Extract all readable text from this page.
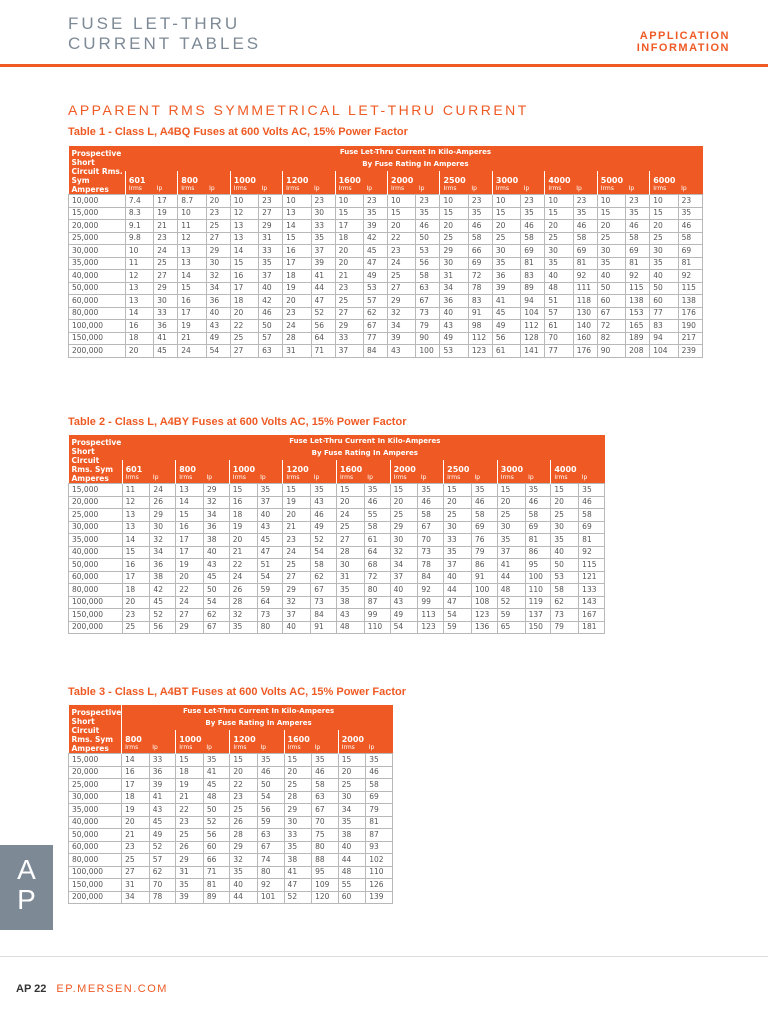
FUSE LET-THRU
CURRENT TABLES	APPLICATION
INFORMATION
APPARENT RMS SYMMETRICAL LET-THRU CURRENT
Table 1 - Class L, A4BQ Fuses at 600 Volts AC, 15% Power Factor
Prospective Short Circuit Rms. Sym Amperes	Fuse Let-Thru Current In Kilo-Amperes																					
	By Fuse Rating In Amperes																					
	601		800		1000		1200		1600		2000		2500		3000		4000		5000		6000	
	Irms	Ip	Irms	Ip	Irms	Ip	Irms	Ip	Irms	Ip	Irms	Ip	Irms	Ip	Irms	Ip	Irms	Ip	Irms	Ip	Irms	Ip
10,000	7.4	17	8.7	20	10	23	10	23	10	23	10	23	10	23	10	23	10	23	10	23	10	23
15,000	8.3	19	10	23	12	27	13	30	15	35	15	35	15	35	15	35	15	35	15	35	15	35
20,000	9.1	21	11	25	13	29	14	33	17	39	20	46	20	46	20	46	20	46	20	46	20	46
25,000	9.8	23	12	27	13	31	15	35	18	42	22	50	25	58	25	58	25	58	25	58	25	58
30,000	10	24	13	29	14	33	16	37	20	45	23	53	29	66	30	69	30	69	30	69	30	69
35,000	11	25	13	30	15	35	17	39	20	47	24	56	30	69	35	81	35	81	35	81	35	81
40,000	12	27	14	32	16	37	18	41	21	49	25	58	31	72	36	83	40	92	40	92	40	92
50,000	13	29	15	34	17	40	19	44	23	53	27	63	34	78	39	89	48	111	50	115	50	115
60,000	13	30	16	36	18	42	20	47	25	57	29	67	36	83	41	94	51	118	60	138	60	138
80,000	14	33	17	40	20	46	23	52	27	62	32	73	40	91	45	104	57	130	67	153	77	176
100,000	16	36	19	43	22	50	24	56	29	67	34	79	43	98	49	112	61	140	72	165	83	190
150,000	18	41	21	49	25	57	28	64	33	77	39	90	49	112	56	128	70	160	82	189	94	217
200,000	20	45	24	54	27	63	31	71	37	84	43	100	53	123	61	141	77	176	90	208	104	239
Table 2 - Class L, A4BY Fuses at 600 Volts AC, 15% Power Factor
Prospective Short Circuit Rms. Sym Amperes	Fuse Let-Thru Current In Kilo-Amperes																	
	By Fuse Rating In Amperes																	
	601		800		1000		1200		1600		2000		2500		3000		4000	
	Irms	Ip	Irms	Ip	Irms	Ip	Irms	Ip	Irms	Ip	Irms	Ip	Irms	Ip	Irms	Ip	Irms	Ip
15,000	11	24	13	29	15	35	15	35	15	35	15	35	15	35	15	35	15	35
20,000	12	26	14	32	16	37	19	43	20	46	20	46	20	46	20	46	20	46
25,000	13	29	15	34	18	40	20	46	24	55	25	58	25	58	25	58	25	58
30,000	13	30	16	36	19	43	21	49	25	58	29	67	30	69	30	69	30	69
35,000	14	32	17	38	20	45	23	52	27	61	30	70	33	76	35	81	35	81
40,000	15	34	17	40	21	47	24	54	28	64	32	73	35	79	37	86	40	92
50,000	16	36	19	43	22	51	25	58	30	68	34	78	37	86	41	95	50	115
60,000	17	38	20	45	24	54	27	62	31	72	37	84	40	91	44	100	53	121
80,000	18	42	22	50	26	59	29	67	35	80	40	92	44	100	48	110	58	133
100,000	20	45	24	54	28	64	32	73	38	87	43	99	47	108	52	119	62	143
150,000	23	52	27	62	32	73	37	84	43	99	49	113	54	123	59	137	73	167
200,000	25	56	29	67	35	80	40	91	48	110	54	123	59	136	65	150	79	181
Table 3 - Class L, A4BT Fuses at 600 Volts AC, 15% Power Factor
Prospective Short Circuit Rms. Sym Amperes	Fuse Let-Thru Current In Kilo-Amperes									
	By Fuse Rating In Amperes									
	800		1000		1200		1600		2000	
	Irms	Ip	Irms	Ip	Irms	Ip	Irms	Ip	Irms	Ip
15,000	14	33	15	35	15	35	15	35	15	35
20,000	16	36	18	41	20	46	20	46	20	46
25,000	17	39	19	45	22	50	25	58	25	58
30,000	18	41	21	48	23	54	28	63	30	69
35,000	19	43	22	50	25	56	29	67	34	79
40,000	20	45	23	52	26	59	30	70	35	81
50,000	21	49	25	56	28	63	33	75	38	87
60,000	23	52	26	60	29	67	35	80	40	93
80,000	25	57	29	66	32	74	38	88	44	102
100,000	27	62	31	71	35	80	41	95	48	110
150,000	31	70	35	81	40	92	47	109	55	126
200,000	34	78	39	89	44	101	52	120	60	139
A
P
AP 22 EP.MERSEN.COM
